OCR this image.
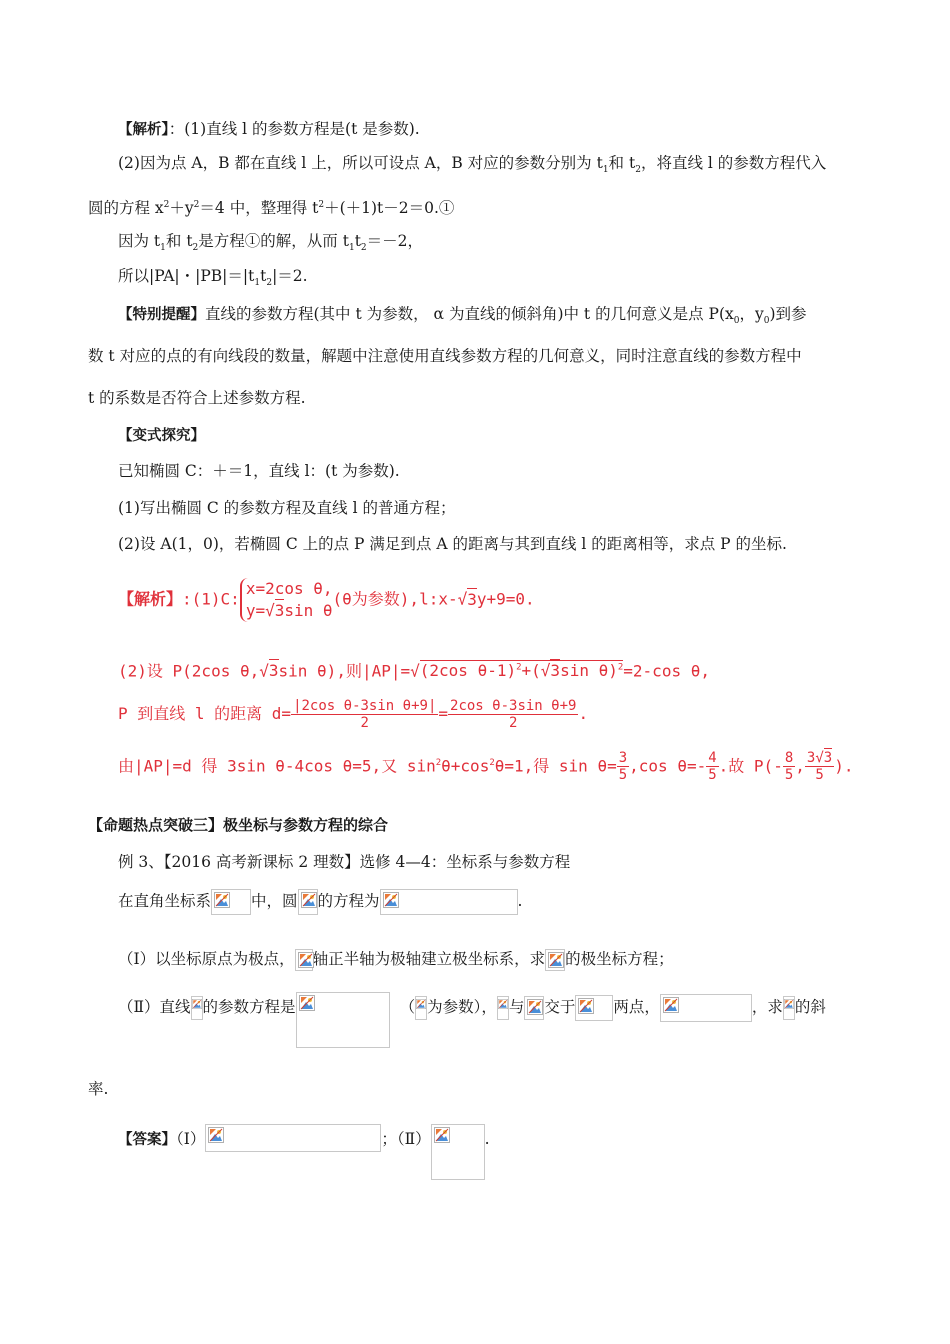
【解析】：(1)直线 l 的参数方程是(t 是参数).
(2)因为点 A，B 都在直线 l 上，所以可设点 A，B 对应的参数分别为 $t_1$和 $t_2$，将直线 l 的参数方程代入
圆的方程 $x^2+y^2=4$ 中，整理得 $t^2+(+1)t-2=0.①$
因为 $t_1$和 $t_2$是方程①的解，从而 $t_1t_2=-2$，
所以|PA|・$|PB|=|t_1t_2|=2$.
【特别提醒】直线的参数方程(其中 t 为参数， α 为直线的倾斜角)中 t 的几何意义是点 $P(x_0$，$y_0$)到参
数 t 对应的点的有向线段的数量，解题中注意使用直线参数方程的几何意义，同时注意直线的参数方程中
t 的系数是否符合上述参数方程.
【变式探究】
已知椭圆 C：＋＝1，直线 l：(t 为参数).
(1)写出椭圆 C 的参数方程及直线 l 的普通方程；
(2)设 A(1，0)，若椭圆 C 上的点 P 满足到点 A 的距离与其到直线 l 的距离相等，求点 P 的坐标.
【解析】:(1)C:
x=2cos θ,
y=√3sin θ
(θ为参数),l:x-√3y+9=0.
(2)设 P(2cos θ,√3sin θ),则|AP|=√(2cos θ-1)$^2$+(√3sin θ)$^2$=2-cos θ,
P 到直线 l 的距离 $d= \frac{\text{|2cos θ-3sin θ+9|}}{2} = \frac{\text{2cos θ-3sin θ+9}}{2}$ .
由|AP|=d 得 3sin θ-4cos θ=5,又 $\sin^2\theta+\cos^2\theta=1$,得 $\sin \theta= \frac{3}{5} ,\cos$ $\theta=- \frac{4}{5}$ .故 $P(- \frac{8}{5}$ , $\frac{3√3}{5}$ ).
【命题热点突破三】极坐标与参数方程的综合
例 3、【2016 高考新课标 2 理数】选修 4—4：坐标系与参数方程
在直角坐标系	中，圆 的方程为	.
（Ⅰ）以坐标原点为极点， 轴正半轴为极轴建立极坐标系，求 的极坐标方程；
（Ⅱ）直线 的参数方程是	（ 为参数）， 与 交于 两点，	，求 的斜
率.
【答案】（Ⅰ）	；（Ⅱ）	.
